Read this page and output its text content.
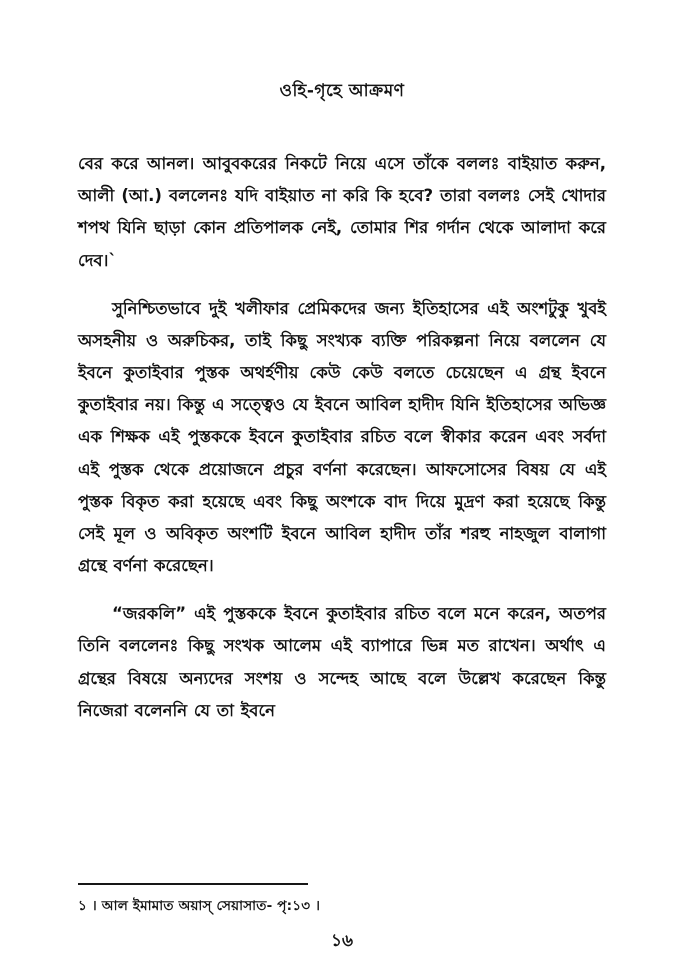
ওহি-গৃহে আক্রমণ

বের করে আনল। আবুবকরের নিকটে নিয়ে এসে তাঁকে বললঃ বাইয়াত করুন, আলী (আ.) বললেনঃ যদি বাইয়াত না করি কি হবে? তারা বললঃ সেই খোদার শপথ যিনি ছাড়া কোন প্রতিপালক নেই, তোমার শির গর্দান থেকে আলাদা করে দেব।`

সুনিশ্চিতভাবে দুই খলীফার প্রেমিকদের জন্য ইতিহাসের এই অংশটুকু খুবই অসহনীয় ও অরুচিকর, তাই কিছু সংখ্যক ব্যক্তি পরিকল্পনা নিয়ে বললেন যে ইবনে কুতাইবার পুস্তক অথর্হণীয় কেউ কেউ বলতে চেয়েছেন এ গ্রন্থ ইবনে কুতাইবার নয়। কিন্তু এ সত্ত্বেও যে ইবনে আবিল হাদীদ যিনি ইতিহাসের অভিজ্ঞ এক শিক্ষক এই পুস্তককে ইবনে কুতাইবার রচিত বলে স্বীকার করেন এবং সর্বদা এই পুস্তক থেকে প্রয়োজনে প্রচুর বর্ণনা করেছেন। আফসোসের বিষয় যে এই পুস্তক বিকৃত করা হয়েছে এবং কিছু অংশকে বাদ দিয়ে মুদ্রণ করা হয়েছে কিন্তু সেই মূল ও অবিকৃত অংশটি ইবনে আবিল হাদীদ তাঁর শরহু নাহজুল বালাগা গ্রন্থে বর্ণনা করেছেন।

“জরকলি” এই পুস্তককে ইবনে কুতাইবার রচিত বলে মনে করেন, অতপর তিনি বললেনঃ কিছু সংখক আলেম এই ব্যাপারে ভিন্ন মত রাখেন। অর্থাৎ এ গ্রন্থের বিষয়ে অন্যদের সংশয় ও সন্দেহ আছে বলে উল্লেখ করেছেন কিন্তু নিজেরা বলেননি যে তা ইবনে

১ । আল ইমামাত অয়াস্ সেয়াসাত- পৃ:১৩ ।
১৬
